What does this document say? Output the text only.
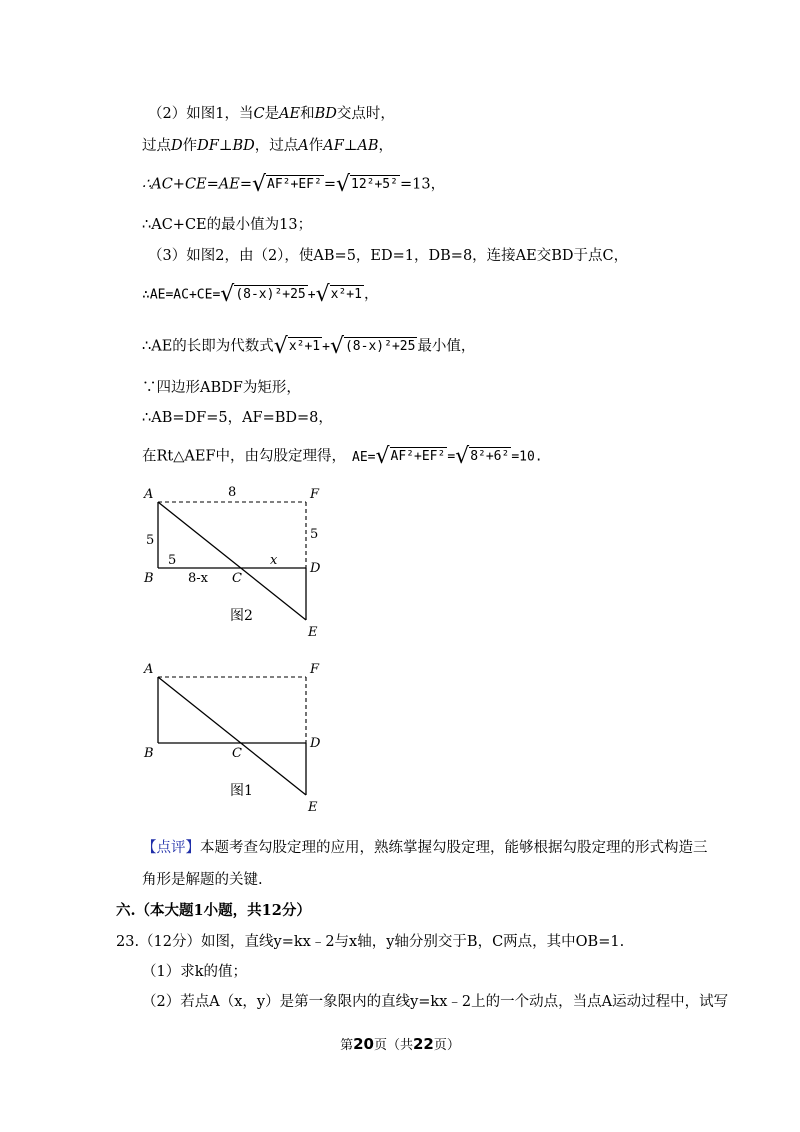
（2）如图1，当C是AE和BD交点时，
过点D作DF⊥BD，过点A作AF⊥AB，
∴AC+CE=AE=√AF²+EF² =√12²+5² =13，
∴AC+CE的最小值为13；
（3）如图2，由（2），使AB=5，ED=1，DB=8，连接AE交BD于点C，
∴AE=AC+CE=√(8-x)²+25 +√x²+1 ，
∴AE的长即为代数式√x²+1 +√(8-x)²+25 最小值，
∵四边形ABDF为矩形，
∴AB=DF=5，AF=BD=8，
在Rt△AEF中，由勾股定理得， AE=√AF²+EF² =√8²+6² =10.
A	F
B	C
D
E
8
5	5
5	x
8-x
图2
A	F
B	C
D
E
图1
【点评】本题考查勾股定理的应用，熟练掌握勾股定理，能够根据勾股定理的形式构造三
角形是解题的关键.
六.（本大题1小题，共12分）
23.（12分）如图，直线y=kx﹣2与x轴，y轴分别交于B，C两点，其中OB=1.
（1）求k的值；
（2）若点A（x，y）是第一象限内的直线y=kx﹣2上的一个动点，当点A运动过程中，试写
第20页（共22页）
